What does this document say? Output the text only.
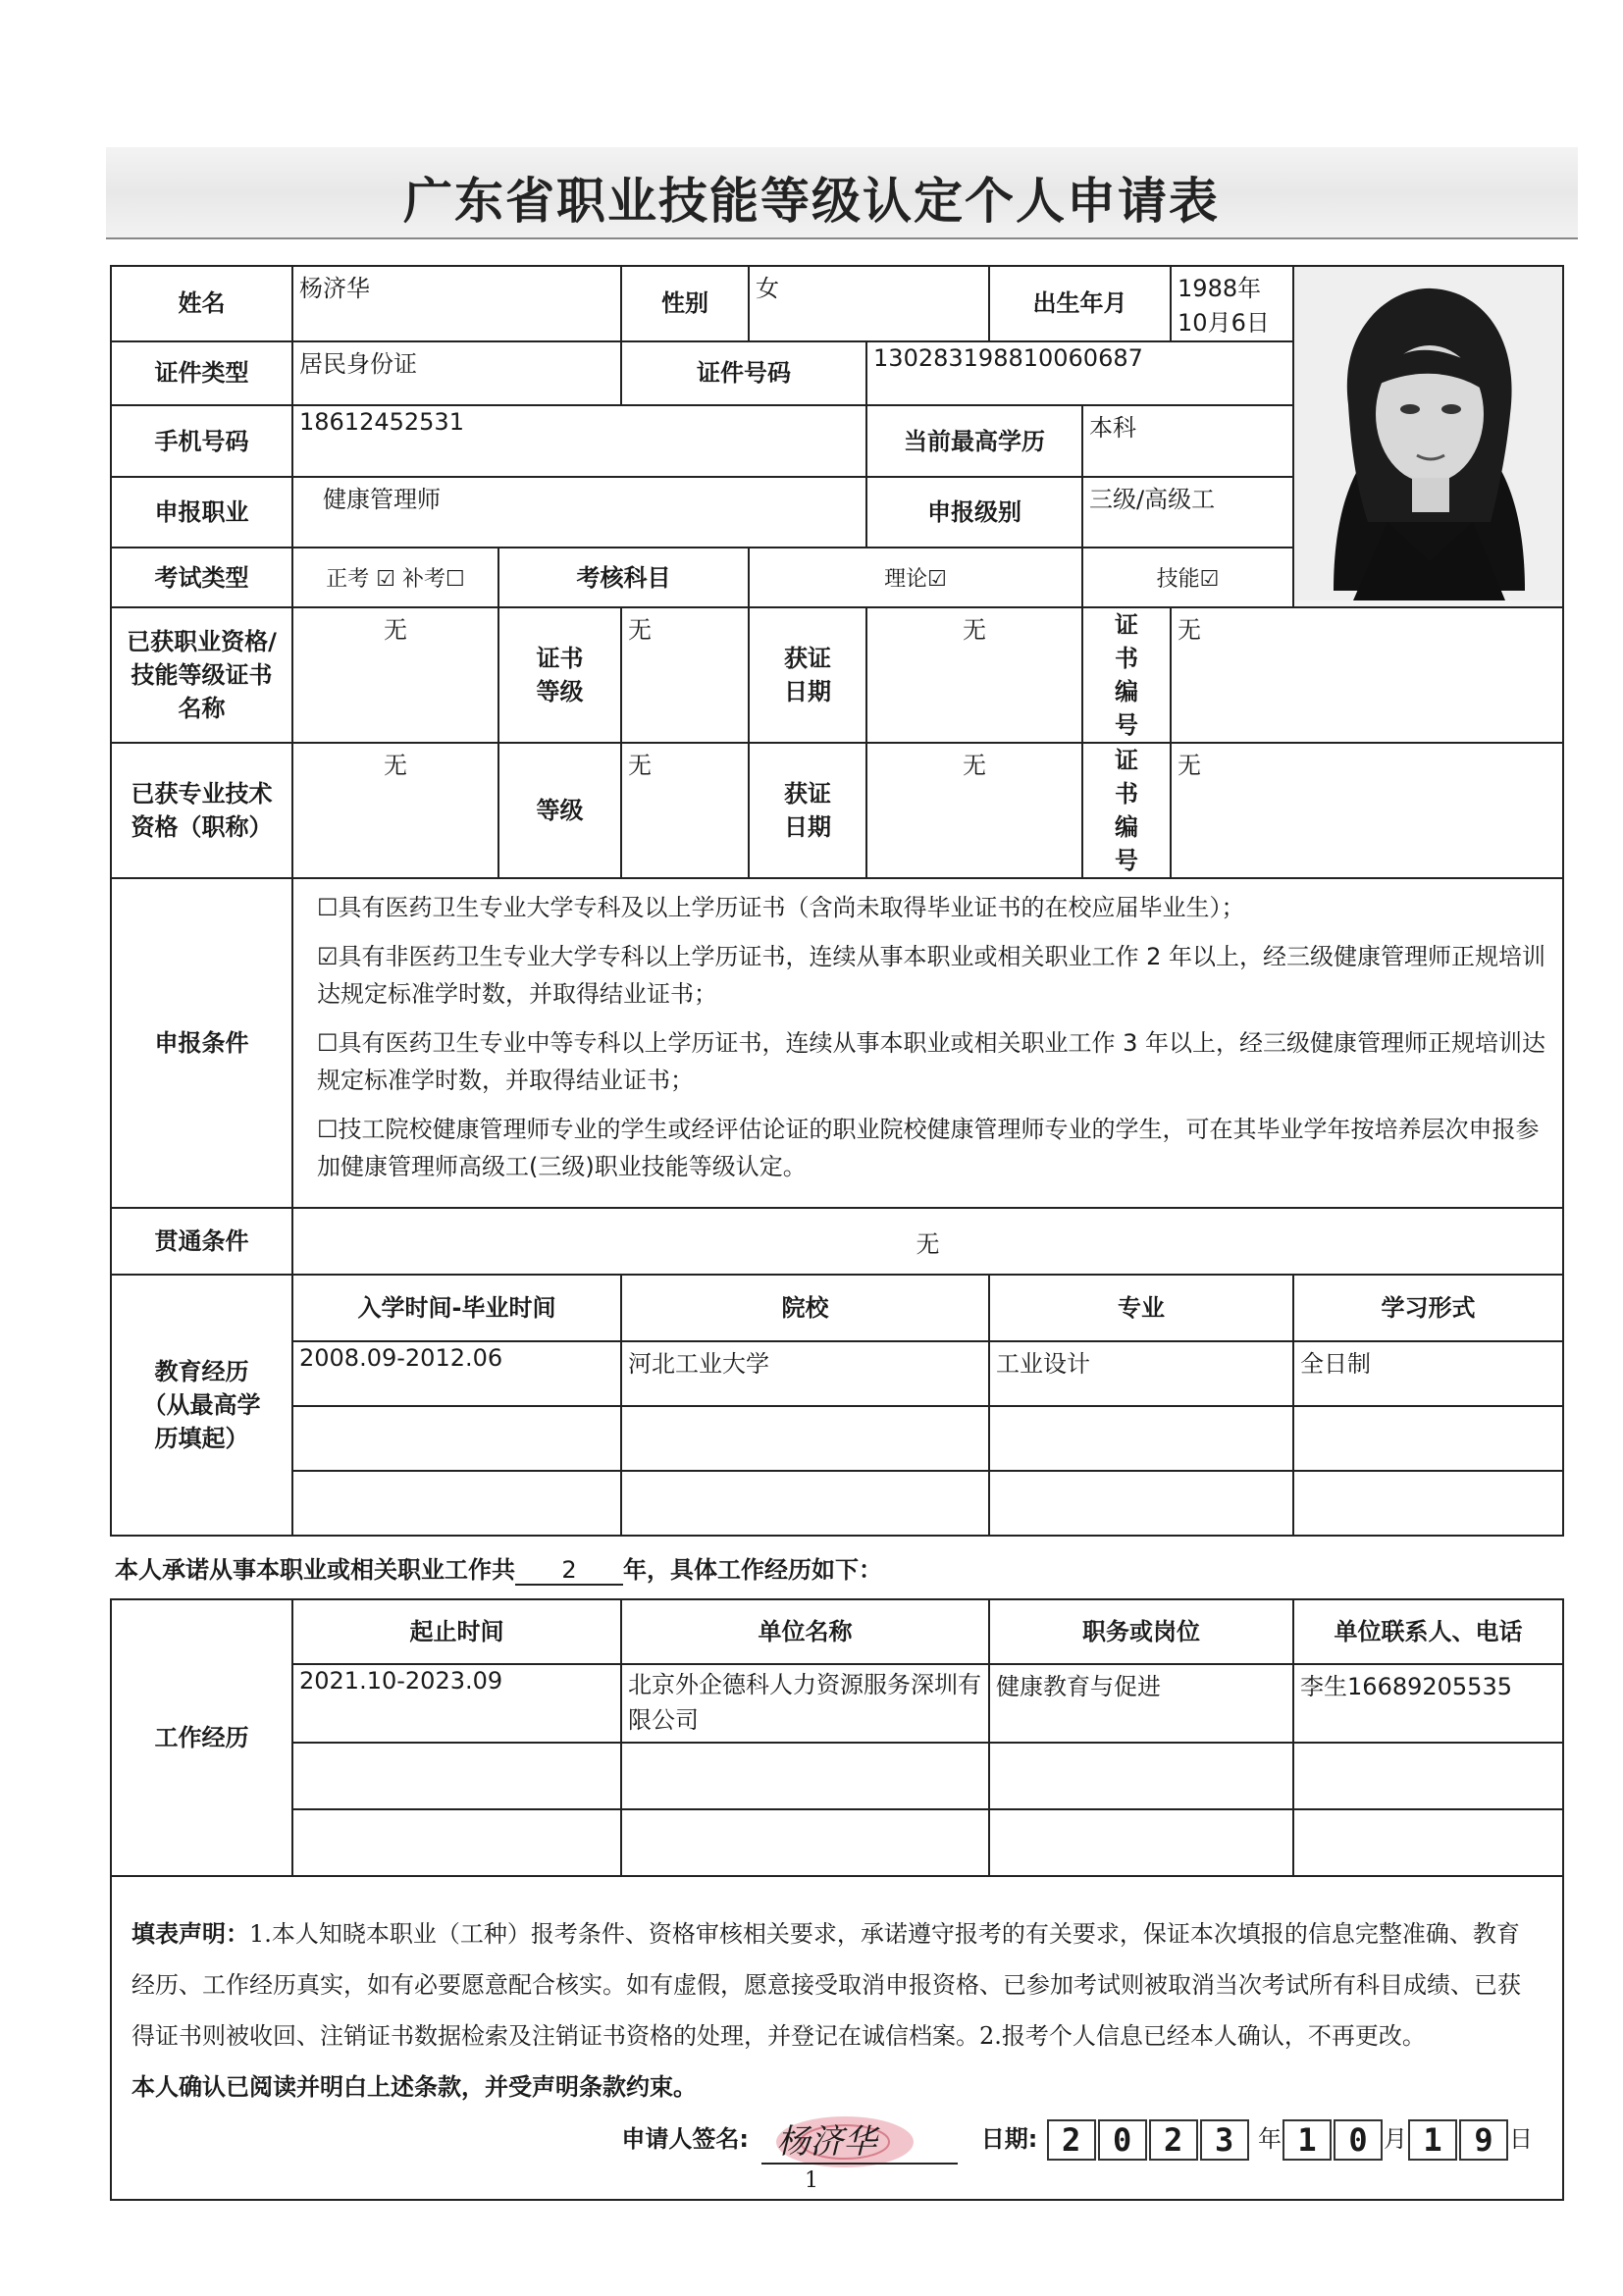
广东省职业技能等级认定个人申请表
姓名	杨济华		性别	女		出生年月		1988年10月6日	
证件类型	居民身份证		证件号码		130283198810060687				
手机号码	18612452531				当前最高学历		本科		
申报职业	健康管理师				申报级别		三级/高级工		
考试类型	正考 ☑ 补考☐	考核科目		理论☑			技能☑		
已获职业资格/技能等级证书名称	无	证书等级	无	获证日期	无		证书编号	无	
已获专业技术资格（职称）	无	等级	无	获证日期	无		证书编号	无	
申报条件	☐具有医药卫生专业大学专科及以上学历证书（含尚未取得毕业证书的在校应届毕业生）；

☑具有非医药卫生专业大学专科以上学历证书，连续从事本职业或相关职业工作 2 年以上，经三级健康管理师正规培训达规定标准学时数，并取得结业证书；

☐具有医药卫生专业中等专科以上学历证书，连续从事本职业或相关职业工作 3 年以上，经三级健康管理师正规培训达规定标准学时数，并取得结业证书；

☐技工院校健康管理师专业的学生或经评估论证的职业院校健康管理师专业的学生，可在其毕业学年按培养层次申报参加健康管理师高级工(三级)职业技能等级认定。								

贯通条件	无								
教育经历（从最高学历填起）	入学时间-毕业时间		院校			专业			学习形式
	2008.09-2012.06		河北工业大学			工业设计			全日制

本人承诺从事本职业或相关职业工作共 2 年，具体工作经历如下：									
工作经历	起止时间		单位名称			职务或岗位			单位联系人、电话
	2021.10-2023.09		北京外企德科人力资源服务深圳有限公司			健康教育与促进			李生16689205535

填表声明：1.本人知晓本职业（工种）报考条件、资格审核相关要求，承诺遵守报考的有关要求，保证本次填报的信息完整准确、教育经历、工作经历真实，如有必要愿意配合核实。如有虚假，愿意接受取消申报资格、已参加考试则被取消当次考试所有科目成绩、已获得证书则被收回、注销证书数据检索及注销证书资格的处理，并登记在诚信档案。2.报考个人信息已经本人确认，不再更改。
本人确认已阅读并明白上述条款，并受声明条款约束。
申请人签名: 杨济华 日期: 2 0 2 3 年 1 0 月 1 9 日									
1
